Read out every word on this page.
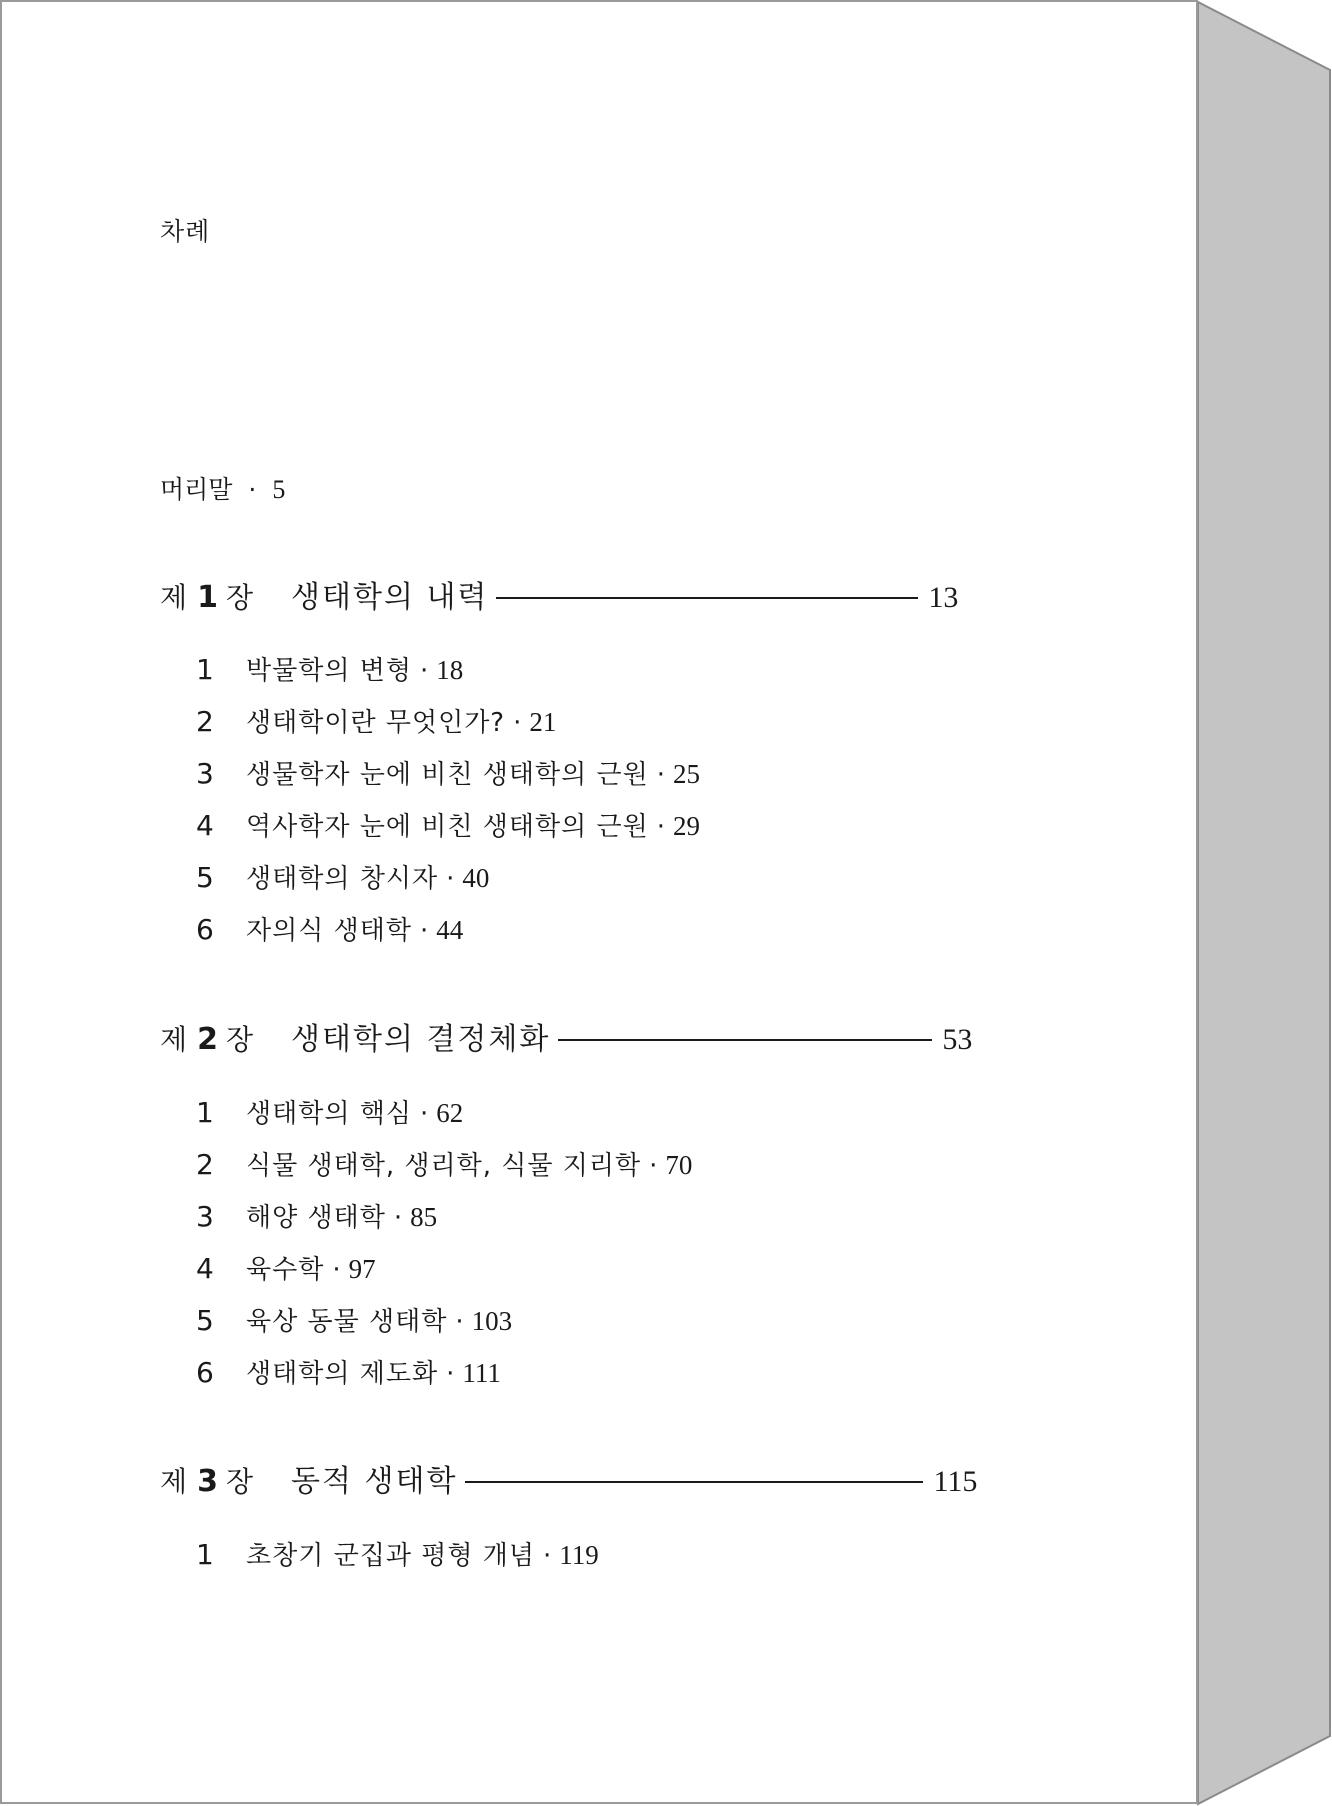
차례
머리말 · 5
제 1 장 생태학의 내력	13
1	박물학의 변형 · 18
2	생태학이란 무엇인가? · 21
3	생물학자 눈에 비친 생태학의 근원 · 25
4	역사학자 눈에 비친 생태학의 근원 · 29
5	생태학의 창시자 · 40
6	자의식 생태학 · 44
제 2 장 생태학의 결정체화	53
1	생태학의 핵심 · 62
2	식물 생태학, 생리학, 식물 지리학 · 70
3	해양 생태학 · 85
4	육수학 · 97
5	육상 동물 생태학 · 103
6	생태학의 제도화 · 111
제 3 장 동적 생태학	115
1	초창기 군집과 평형 개념 · 119
